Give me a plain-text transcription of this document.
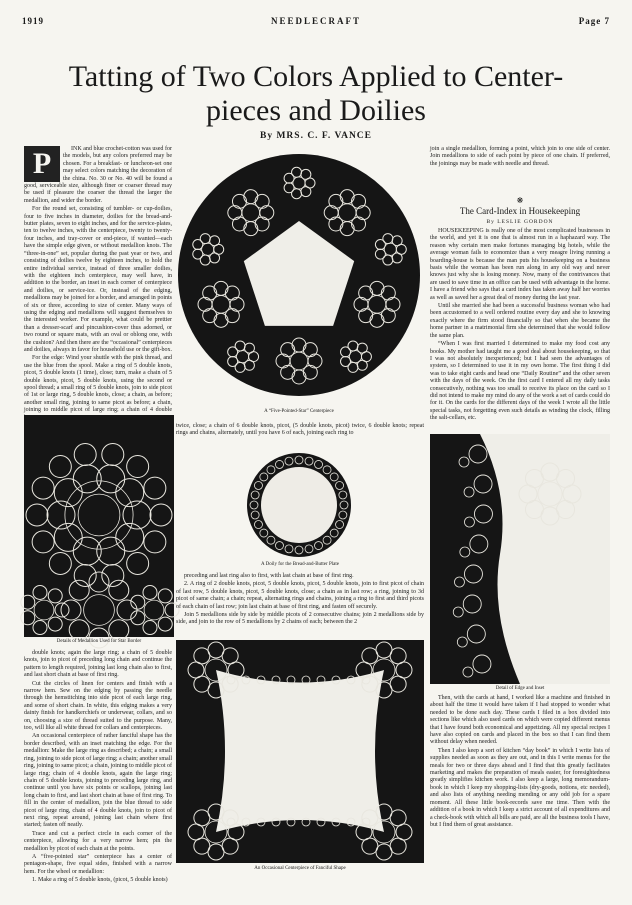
1919	NEEDLECRAFT	Page 7
Tatting of Two Colors Applied to Center-
pieces and Doilies
By MRS. C. F. VANCE
P	INK and blue crochet-cotton was used for the models, but any colors preferred may be chosen. For a breakfast- or luncheon-set one may select colors matching the decoration of the china. No. 30 or No. 40 will be found a good, serviceable size, although finer or coarser thread may be used if pleasure the coarser the thread the larger the medallion, and wider the border.

For the round set, consisting of tumbler- or cup-doilies, four to five inches in diameter, doilies for the bread-and-butter plates, seven to eight inches, and for the service-plates, ten to twelve inches, with the centerpiece, twenty to twenty-four inches, and tray-cover or end-piece, if wanted—each have the simple edge given, or without medallion knots. The “three-in-one” set, popular during the past year or two, and consisting of doilies twelve by eighteen inches, to hold the entire individual service, instead of three smaller doilies, with the eighteen inch centerpiece, may well have, in addition to the border, an inset in each corner of centerpiece and doilies, or service-ice. Or, instead of the edging, medallions may be joined for a border, and arranged in points of six or three, according to size of center. Many ways of using the edging and medallions will suggest themselves to the interested worker. For example, what could be prettier than a dresser-scarf and pincushion-cover thus adorned, or two round or square mats, with an oval or oblong one, with the cushion? And then there are the “occasional” centerpieces and doilies, always in favor for household use or the gift-box.

For the edge: Wind your shuttle with the pink thread, and use the blue from the spool. Make a ring of 5 double knots, picot, 5 double knots (1 time), close; turn, make a chain of 5 double knots, picot, 5 double knots, using the second or spool thread; a small ring of 5 double knots, join to side picot of 1st or large ring, 5 double knots, close; a chain, as before; another small ring, joining to same picot as before; a chain, joining to middle picot of large ring; a chain of 4 double

Details of Medallion Used for Star Border

double knots; again the large ring; a chain of 5 double knots, join to picot of preceding long chain and continue the pattern to length required, joining last long chain also to first, and last short chain at base of first ring.

Cut the circles of linen for centers and finish with a narrow hem. Sew on the edging by passing the needle through the hemstitching into side picot of each large ring, and some of short chain. In white, this edging makes a very dainty finish for handkerchiefs or underwear, collars, and so on, choosing a size of thread suited to the purpose. Many, too, will like all white thread for collars and centerpieces.

An occasional centerpiece of rather fanciful shape has the border described, with an inset matching the edge. For the medallion: Make the large ring as described; a chain; a small ring, joining to side picot of large ring; a chain; another small ring, joining to same picot; a chain, joining to middle picot of large ring; chain of 4 double knots, again the large ring; chain of 5 double knots, joining to preceding large ring, and continue until you have six points or scallops, joining last long chain to first, and last short chain at base of first ring. To fill in the center of medallion, join the blue thread to side picot of large ring, chain of 4 double knots, join to picot of next ring, repeat around, joining last chain where first started; fasten off neatly.

Trace and cut a perfect circle in each corner of the centerpiece, allowing for a very narrow hem; pin the medallion by picot of each chain at the points.

A “five-pointed star” centerpiece has a center of pentagon-shape, five equal sides, finished with a narrow hem. For the wheel or medallion:

1. Make a ring of 5 double knots, (picot, 5 double knots)

A “Five-Pointed-Star” Centerpiece
twice, close; a chain of 6 double knots, picot, (5 double knots, picot) twice, 6 double knots; repeat rings and chains, alternately, until you have 6 of each, joining each ring to
A Doily for the Bread-and-Butter Plate

preceding and last ring also to first, with last chain at base of first ring.

2. A ring of 2 double knots, picot, 5 double knots, picot, 5 double knots, join to first picot of chain of last row, 5 double knots, picot, 5 double knots, close; a chain as in last row; a ring, joining to 3d picot of same chain; a chain; repeat, alternating rings and chains, joining a ring to first and third picots of each chain of last row; join last chain at base of first ring, and fasten off securely.

Join 5 medallions side by side by middle picots of 2 consecutive chains; join 2 medallions side by side, and join to the row of 5 medallions by 2 chains of each; between the 2

An Occasional Centerpiece of Fanciful Shape
join a single medallion, forming a point, which join to one side of center. Join medallions to side of each point by piece of one chain. If preferred, the joinings may be made with needle and thread.
❋
The Card-Index in Housekeeping
By LESLIE GORDON

HOUSEKEEPING is really one of the most complicated businesses in the world, and yet it is one that is almost run in a haphazard way. The reason why certain men make fortunes managing big hotels, while the average woman fails to economize than a very meagre living running a boarding-house is because the man puts his housekeeping on a business basis while the woman has been run along in any old way and never knows just why she is losing money. Now, many of the contrivances that are used to save time in an office can be used with advantage in the home. I have a friend who says that a card index has taken away half her worries as well as saved her a great deal of money during the last year.

Until she married she had been a successful business woman who had been accustomed to a well ordered routine every day and she to knowing exactly where the firm stood financially so that when she became the home partner in a matrimonial firm she determined that she would follow the same plan.

“When I was first married I determined to make my food cost any books. My mother had taught me a good deal about housekeeping, so that I was not absolutely inexperienced; but I had seen the advantages of system, so I determined to use it in my own home. The first thing I did was to take eight cards and head one “Daily Routine” and the other seven with the days of the week. On the first card I entered all my daily tasks consecutively, nothing was too small to receive its place on the card so I did not intend to make my mind do any of the work a set of cards could do for it. On the cards for the different days of the week I wrote all the little special tasks, not forgetting even such details as winding the clock, filling the salt-cellars, etc.

Detail of Edge and Inset

Then, with the cards at hand, I worked like a machine and finished in about half the time it would have taken if I had stopped to wonder what needed to be done each day. These cards I filed in a box divided into sections like which also used cards on which were copied different menus that I have found both economical and appetizing. All my special recipes I have also copied on cards and placed in the box so that I can find them without delay when needed.

Then I also keep a sort of kitchen “day book” in which I write lists of supplies needed as soon as they are out, and in this I write menus for the meals for two or three days ahead and I find that this greatly facilitates marketing and makes the preparation of meals easier, for foresightedness greatly simplifies kitchen work. I also keep a large, long memorandum-book in which I keep my shopping-lists (dry-goods, notions, etc needed), and also lists of anything needing mending or any odd job for a spare moment. All these little book-records save me time. Then with the addition of a book in which I keep a strict account of all expenditures and a check-book with which all bills are paid, are all the business tools I have, but I find them of great assistance.
